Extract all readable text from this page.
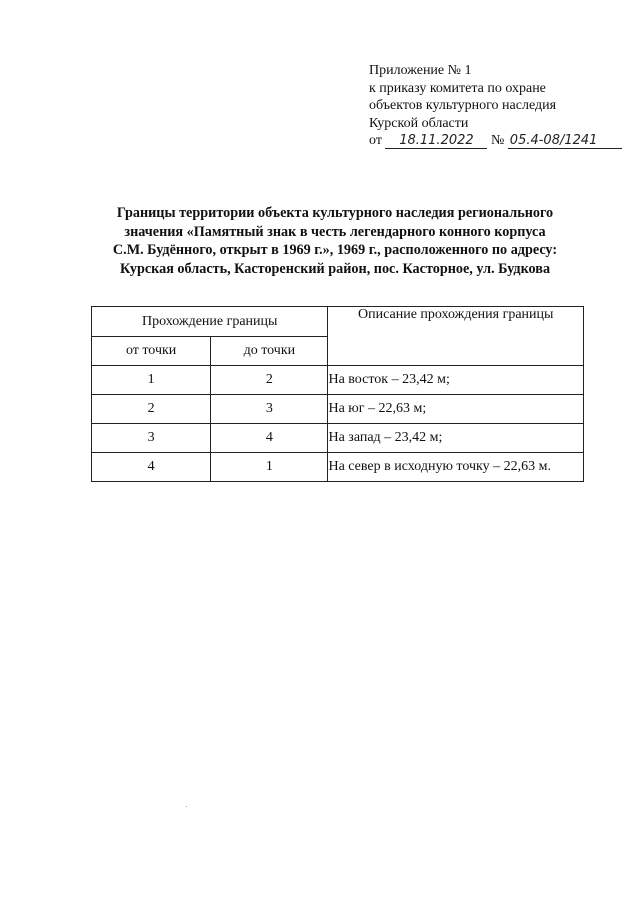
Приложение № 1
к приказу комитета по охране
объектов культурного наследия
Курской области
от 18.11.2022 № 05.4-08/1241
Границы территории объекта культурного наследия регионального
значения «Памятный знак в честь легендарного конного корпуса
С.М. Будённого, открыт в 1969 г.», 1969 г., расположенного по адресу:
Курская область, Касторенский район, пос. Касторное, ул. Будкова
Прохождение границы		Описание прохождения границы
от точки	до точки	
1	2	На восток – 23,42 м;
2	3	На юг – 22,63 м;
3	4	На запад – 23,42 м;
4	1	На север в исходную точку – 22,63 м.
